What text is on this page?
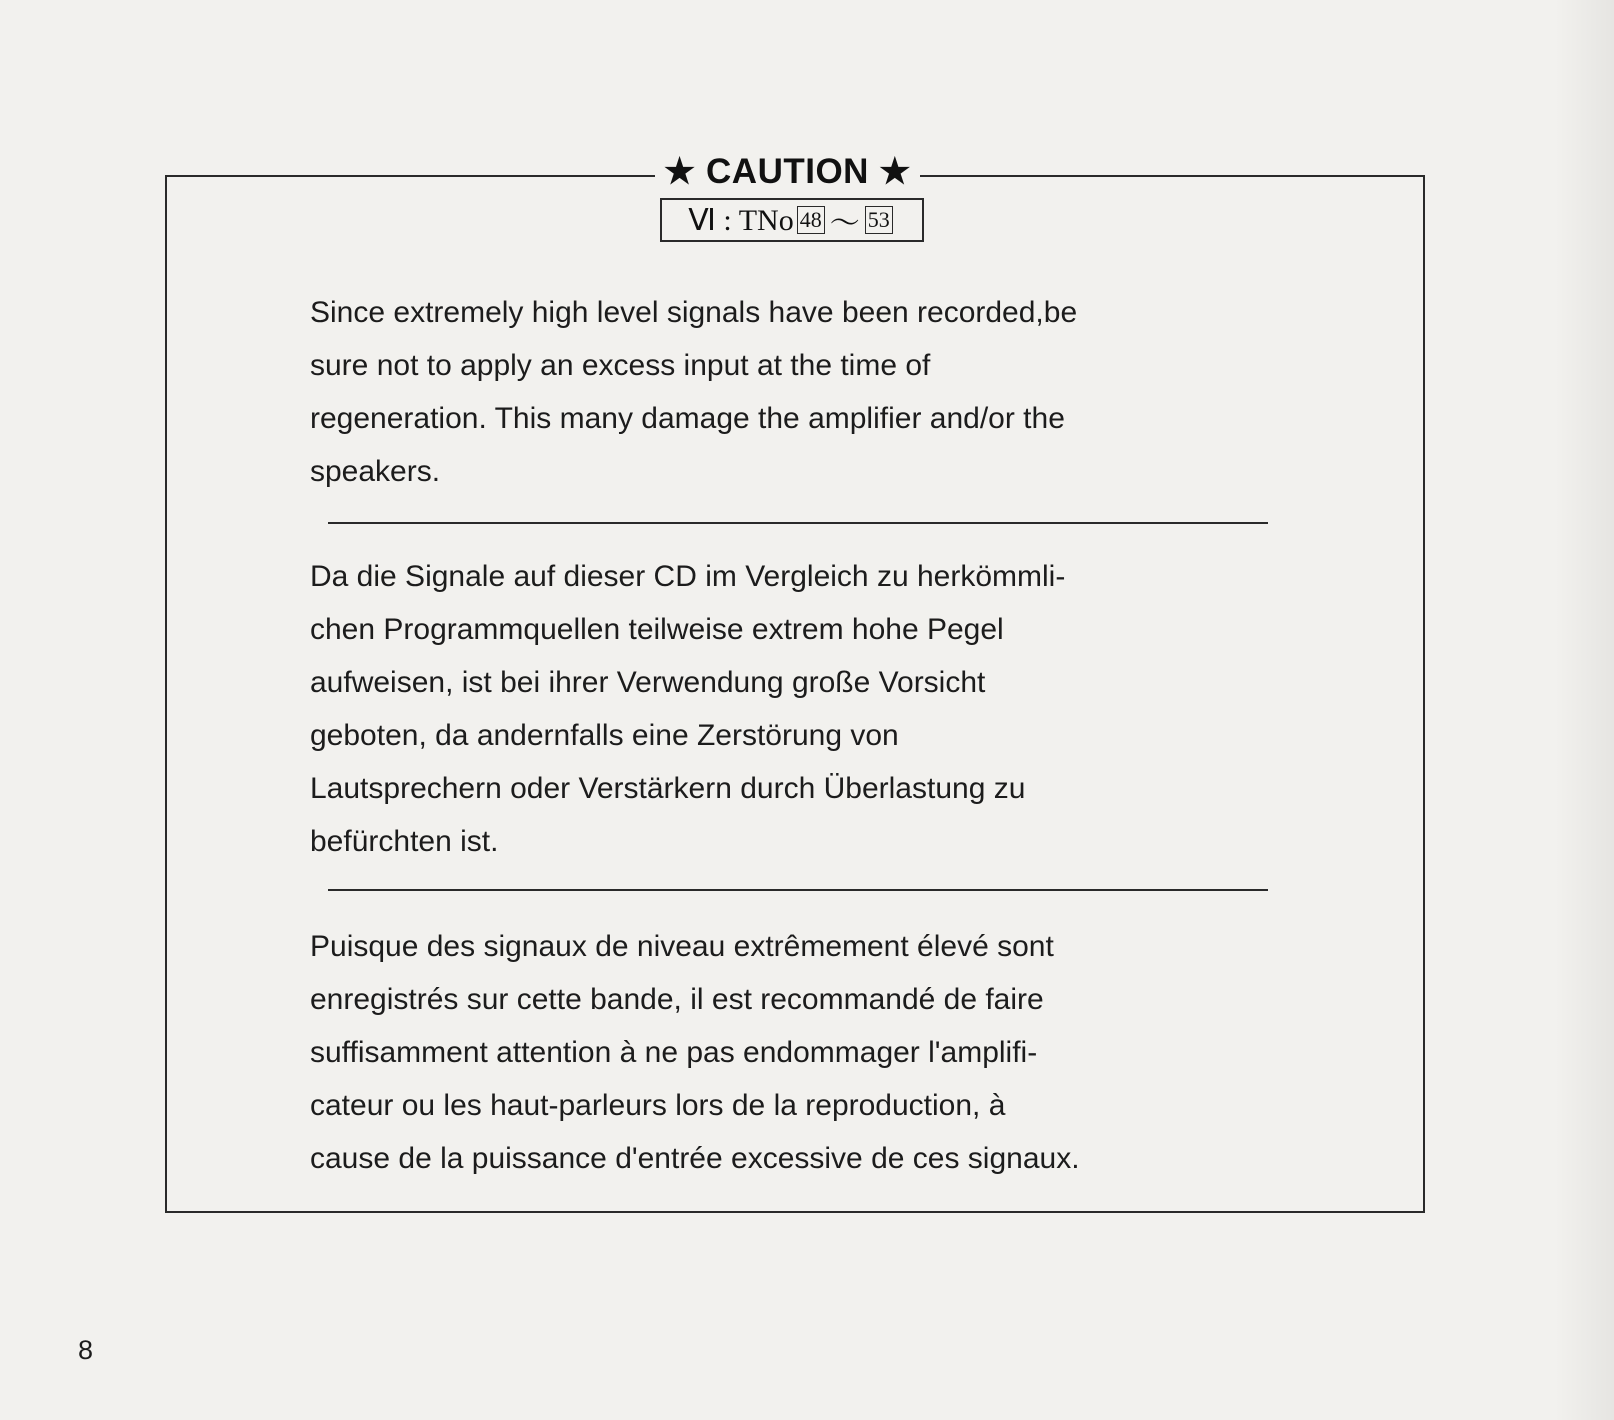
★ CAUTION ★
Ⅵ : TNo 48 ～ 53

Since extremely high level signals have been recorded,be
sure not to apply an excess input at the time of
regeneration. This many damage the amplifier and/or the
speakers.

Da die Signale auf dieser CD im Vergleich zu herkömmli-
chen Programmquellen teilweise extrem hohe Pegel
aufweisen, ist bei ihrer Verwendung große Vorsicht
geboten, da andernfalls eine Zerstörung von
Lautsprechern oder Verstärkern durch Überlastung zu
befürchten ist.

Puisque des signaux de niveau extrêmement élevé sont
enregistrés sur cette bande, il est recommandé de faire
suffisamment attention à ne pas endommager l'amplifi-
cateur ou les haut-parleurs lors de la reproduction, à
cause de la puissance d'entrée excessive de ces signaux.

8
